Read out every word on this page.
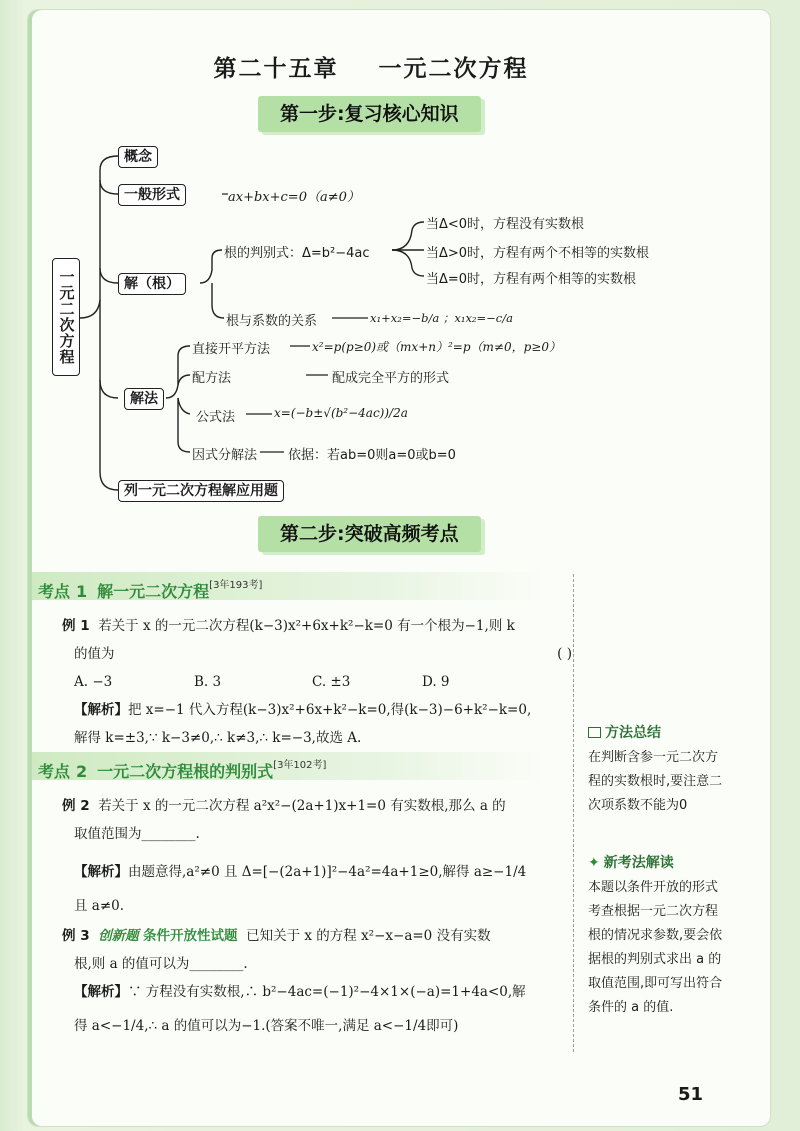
第二十五章    一元二次方程
第一步:复习核心知识
一元二次方程
概念
一般形式	ax+bx+c=0（a≠0）
解（根）
根的判别式：Δ=b²−4ac
当Δ<0时，方程没有实数根
当Δ>0时，方程有两个不相等的实数根
当Δ=0时，方程有两个相等的实数根
根与系数的关系	x₁+x₂=−b/a ；x₁x₂=−c/a
解法
直接开平方法	x²=p(p≥0)或（mx+n）²=p（m≠0，p≥0）
配方法	配成完全平方的形式
公式法	x=(−b±√(b²−4ac))/2a
因式分解法 依据：若ab=0则a=0或b=0
列一元二次方程解应用题
第二步:突破高频考点
考点 1 解一元二次方程[3年193考]
例 1 若关于 x 的一元二次方程(k−3)x²+6x+k²−k=0 有一个根为−1,则 k
的值为	( )
A. −3	B. 3	C. ±3	D. 9
【解析】把 x=−1 代入方程(k−3)x²+6x+k²−k=0,得(k−3)−6+k²−k=0,
解得 k=±3,∵ k−3≠0,∴ k≠3,∴ k=−3,故选 A.
考点 2 一元二次方程根的判别式[3年102考]
例 2 若关于 x 的一元二次方程 a²x²−(2a+1)x+1=0 有实数根,那么 a 的
取值范围为________.
【解析】由题意得,a²≠0 且 Δ=[−(2a+1)]²−4a²=4a+1≥0,解得 a≥−1/4
且 a≠0.
例 3 创新题 条件开放性试题 已知关于 x 的方程 x²−x−a=0 没有实数
根,则 a 的值可以为________.
【解析】∵ 方程没有实数根,∴ b²−4ac=(−1)²−4×1×(−a)=1+4a<0,解
得 a<−1/4,∴ a 的值可以为−1.(答案不唯一,满足 a<−1/4即可)
方法总结
在判断含参一元二次方程的实数根时,要注意二次项系数不能为0
✦ 新考法解读
本题以条件开放的形式考查根据一元二次方程根的情况求参数,要会依据根的判别式求出 a 的取值范围,即可写出符合条件的 a 的值.
51
